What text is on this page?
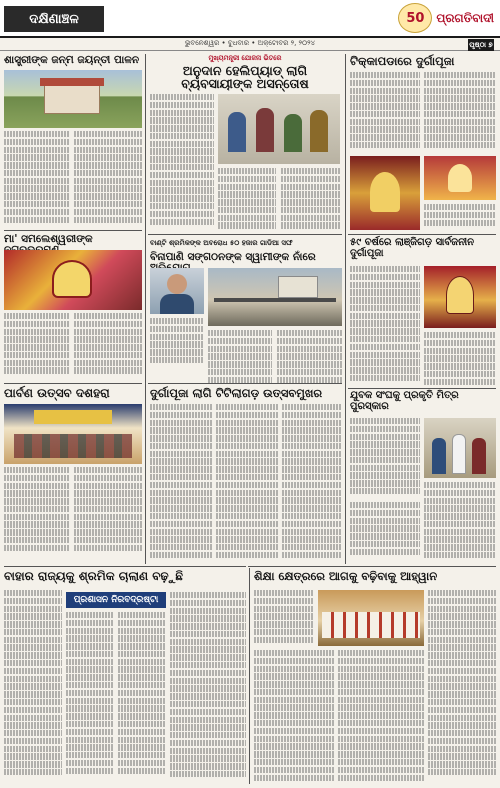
ଦକ୍ଷିଣାଞ୍ଚଳ	50 ପ୍ରଗତିବାଦୀ
ଭୁବନେଶ୍ୱର • ବୁଧବାର • ଅକ୍ଟୋବର ୨, ୨୦୨୪	ପୃଷ୍ଠା ୭
ଶାସ୍ତ୍ରୀଙ୍କ ଜନ୍ମ ଜୟନ୍ତୀ ପାଳନ
ମା' ସମଲେଶ୍ୱରୀଙ୍କ
ପାର୍ବଣ ଉତ୍ସବ ଦଶହରା
ମୁଖ୍ୟମନ୍ତ୍ରୀ ଯୋଜନା ଭିତରେ
ଅନୁଦାନ ହେଲିପ୍ୟାଡ୍ ଲାଗି ବ୍ୟବସାୟୀଙ୍କ ଅସନ୍ତୋଷ
ବାଣ୍ଟି ଶ୍ରମିକଙ୍କ ଅବରୋଧ ୫୦ ହଜାର ଗାଡିଆ ସଙ୍ଘ
ବିନାପାଣି ସଙ୍ଗଠନଙ୍କ ସ୍ୱାମୀଙ୍କ ନାଁରେ
ଦୁର୍ଗାପୂଜା ଲାଗି ଟିଟିଲାଗଡ଼ ଉତ୍ସବମୁଖର
ଟିକ୍କାପଡାରେ ଦୁର୍ଗାପୂଜା
୫୯ ବର୍ଷରେ ଲାଞ୍ଜିଗଡ଼ ସାର୍ବଜନୀନ ଦୁର୍ଗାପୂଜା
ଯୁବକ ସଂଘକୁ ପ୍ରକୃତି ମିତ୍ର ପୁରସ୍କାର
ବାହାର ରାଜ୍ୟକୁ ଶ୍ରମିକ ଚାଲାଣ ବଢ଼ୁଛି
ପ୍ରଶାସନ ନିରବଦ୍ରଷ୍ଟା
ଶିକ୍ଷା କ୍ଷେତ୍ରରେ ଆଗକୁ ବଢ଼ିବାକୁ ଆହ୍ୱାନ
